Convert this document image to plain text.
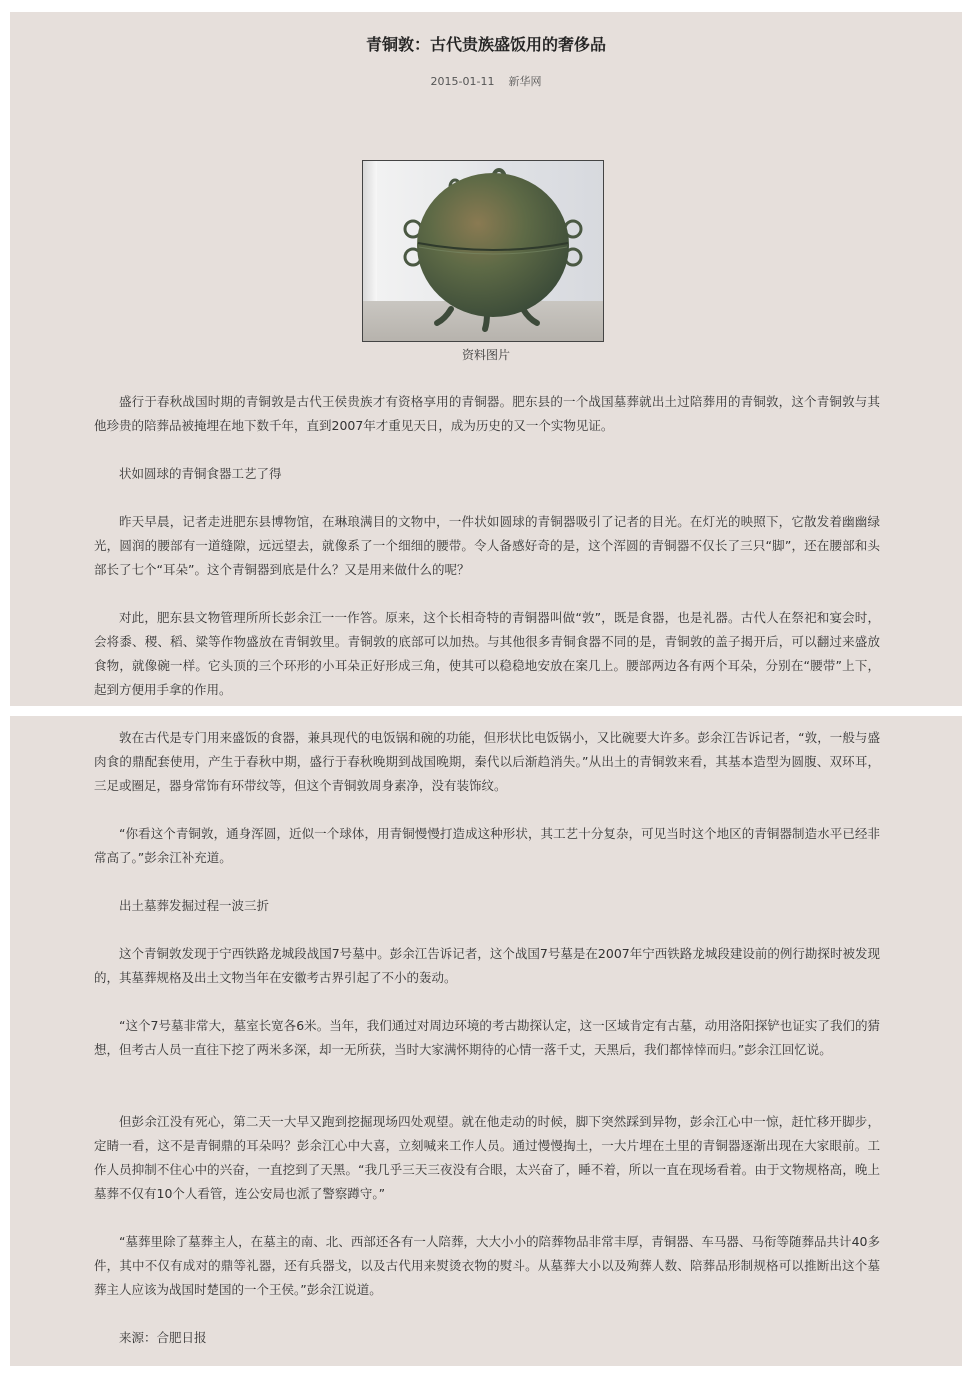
青铜敦：古代贵族盛饭用的奢侈品
2015-01-11 新华网
资料图片

盛行于春秋战国时期的青铜敦是古代王侯贵族才有资格享用的青铜器。肥东县的一个战国墓葬就出土过陪葬用的青铜敦，这个青铜敦与其他珍贵的陪葬品被掩埋在地下数千年，直到2007年才重见天日，成为历史的又一个实物见证。

状如圆球的青铜食器工艺了得

昨天早晨，记者走进肥东县博物馆，在琳琅满目的文物中，一件状如圆球的青铜器吸引了记者的目光。在灯光的映照下，它散发着幽幽绿光，圆润的腰部有一道缝隙，远远望去，就像系了一个细细的腰带。令人备感好奇的是，这个浑圆的青铜器不仅长了三只“脚”，还在腰部和头部长了七个“耳朵”。这个青铜器到底是什么？又是用来做什么的呢？

对此，肥东县文物管理所所长彭余江一一作答。原来，这个长相奇特的青铜器叫做“敦”，既是食器，也是礼器。古代人在祭祀和宴会时，会将黍、稷、稻、粱等作物盛放在青铜敦里。青铜敦的底部可以加热。与其他很多青铜食器不同的是，青铜敦的盖子揭开后，可以翻过来盛放食物，就像碗一样。它头顶的三个环形的小耳朵正好形成三角，使其可以稳稳地安放在案几上。腰部两边各有两个耳朵，分别在“腰带”上下，起到方便用手拿的作用。

敦在古代是专门用来盛饭的食器，兼具现代的电饭锅和碗的功能，但形状比电饭锅小，又比碗要大许多。彭余江告诉记者，“敦，一般与盛肉食的鼎配套使用，产生于春秋中期，盛行于春秋晚期到战国晚期，秦代以后渐趋消失。”从出土的青铜敦来看，其基本造型为圆腹、双环耳，三足或圈足，器身常饰有环带纹等，但这个青铜敦周身素净，没有装饰纹。

“你看这个青铜敦，通身浑圆，近似一个球体，用青铜慢慢打造成这种形状，其工艺十分复杂，可见当时这个地区的青铜器制造水平已经非常高了。”彭余江补充道。

出土墓葬发掘过程一波三折

这个青铜敦发现于宁西铁路龙城段战国7号墓中。彭余江告诉记者，这个战国7号墓是在2007年宁西铁路龙城段建设前的例行勘探时被发现的，其墓葬规格及出土文物当年在安徽考古界引起了不小的轰动。

“这个7号墓非常大，墓室长宽各6米。当年，我们通过对周边环境的考古勘探认定，这一区域肯定有古墓，动用洛阳探铲也证实了我们的猜想，但考古人员一直往下挖了两米多深，却一无所获，当时大家满怀期待的心情一落千丈，天黑后，我们都悻悻而归。”彭余江回忆说。

但彭余江没有死心，第二天一大早又跑到挖掘现场四处观望。就在他走动的时候，脚下突然踩到异物，彭余江心中一惊，赶忙移开脚步，定睛一看，这不是青铜鼎的耳朵吗？彭余江心中大喜，立刻喊来工作人员。通过慢慢掏土，一大片埋在土里的青铜器逐渐出现在大家眼前。工作人员抑制不住心中的兴奋，一直挖到了天黑。“我几乎三天三夜没有合眼，太兴奋了，睡不着，所以一直在现场看着。由于文物规格高，晚上墓葬不仅有10个人看管，连公安局也派了警察蹲守。”

“墓葬里除了墓葬主人，在墓主的南、北、西部还各有一人陪葬，大大小小的陪葬物品非常丰厚，青铜器、车马器、马衔等随葬品共计40多件，其中不仅有成对的鼎等礼器，还有兵器戈，以及古代用来熨烫衣物的熨斗。从墓葬大小以及殉葬人数、陪葬品形制规格可以推断出这个墓葬主人应该为战国时楚国的一个王侯。”彭余江说道。

来源：合肥日报
